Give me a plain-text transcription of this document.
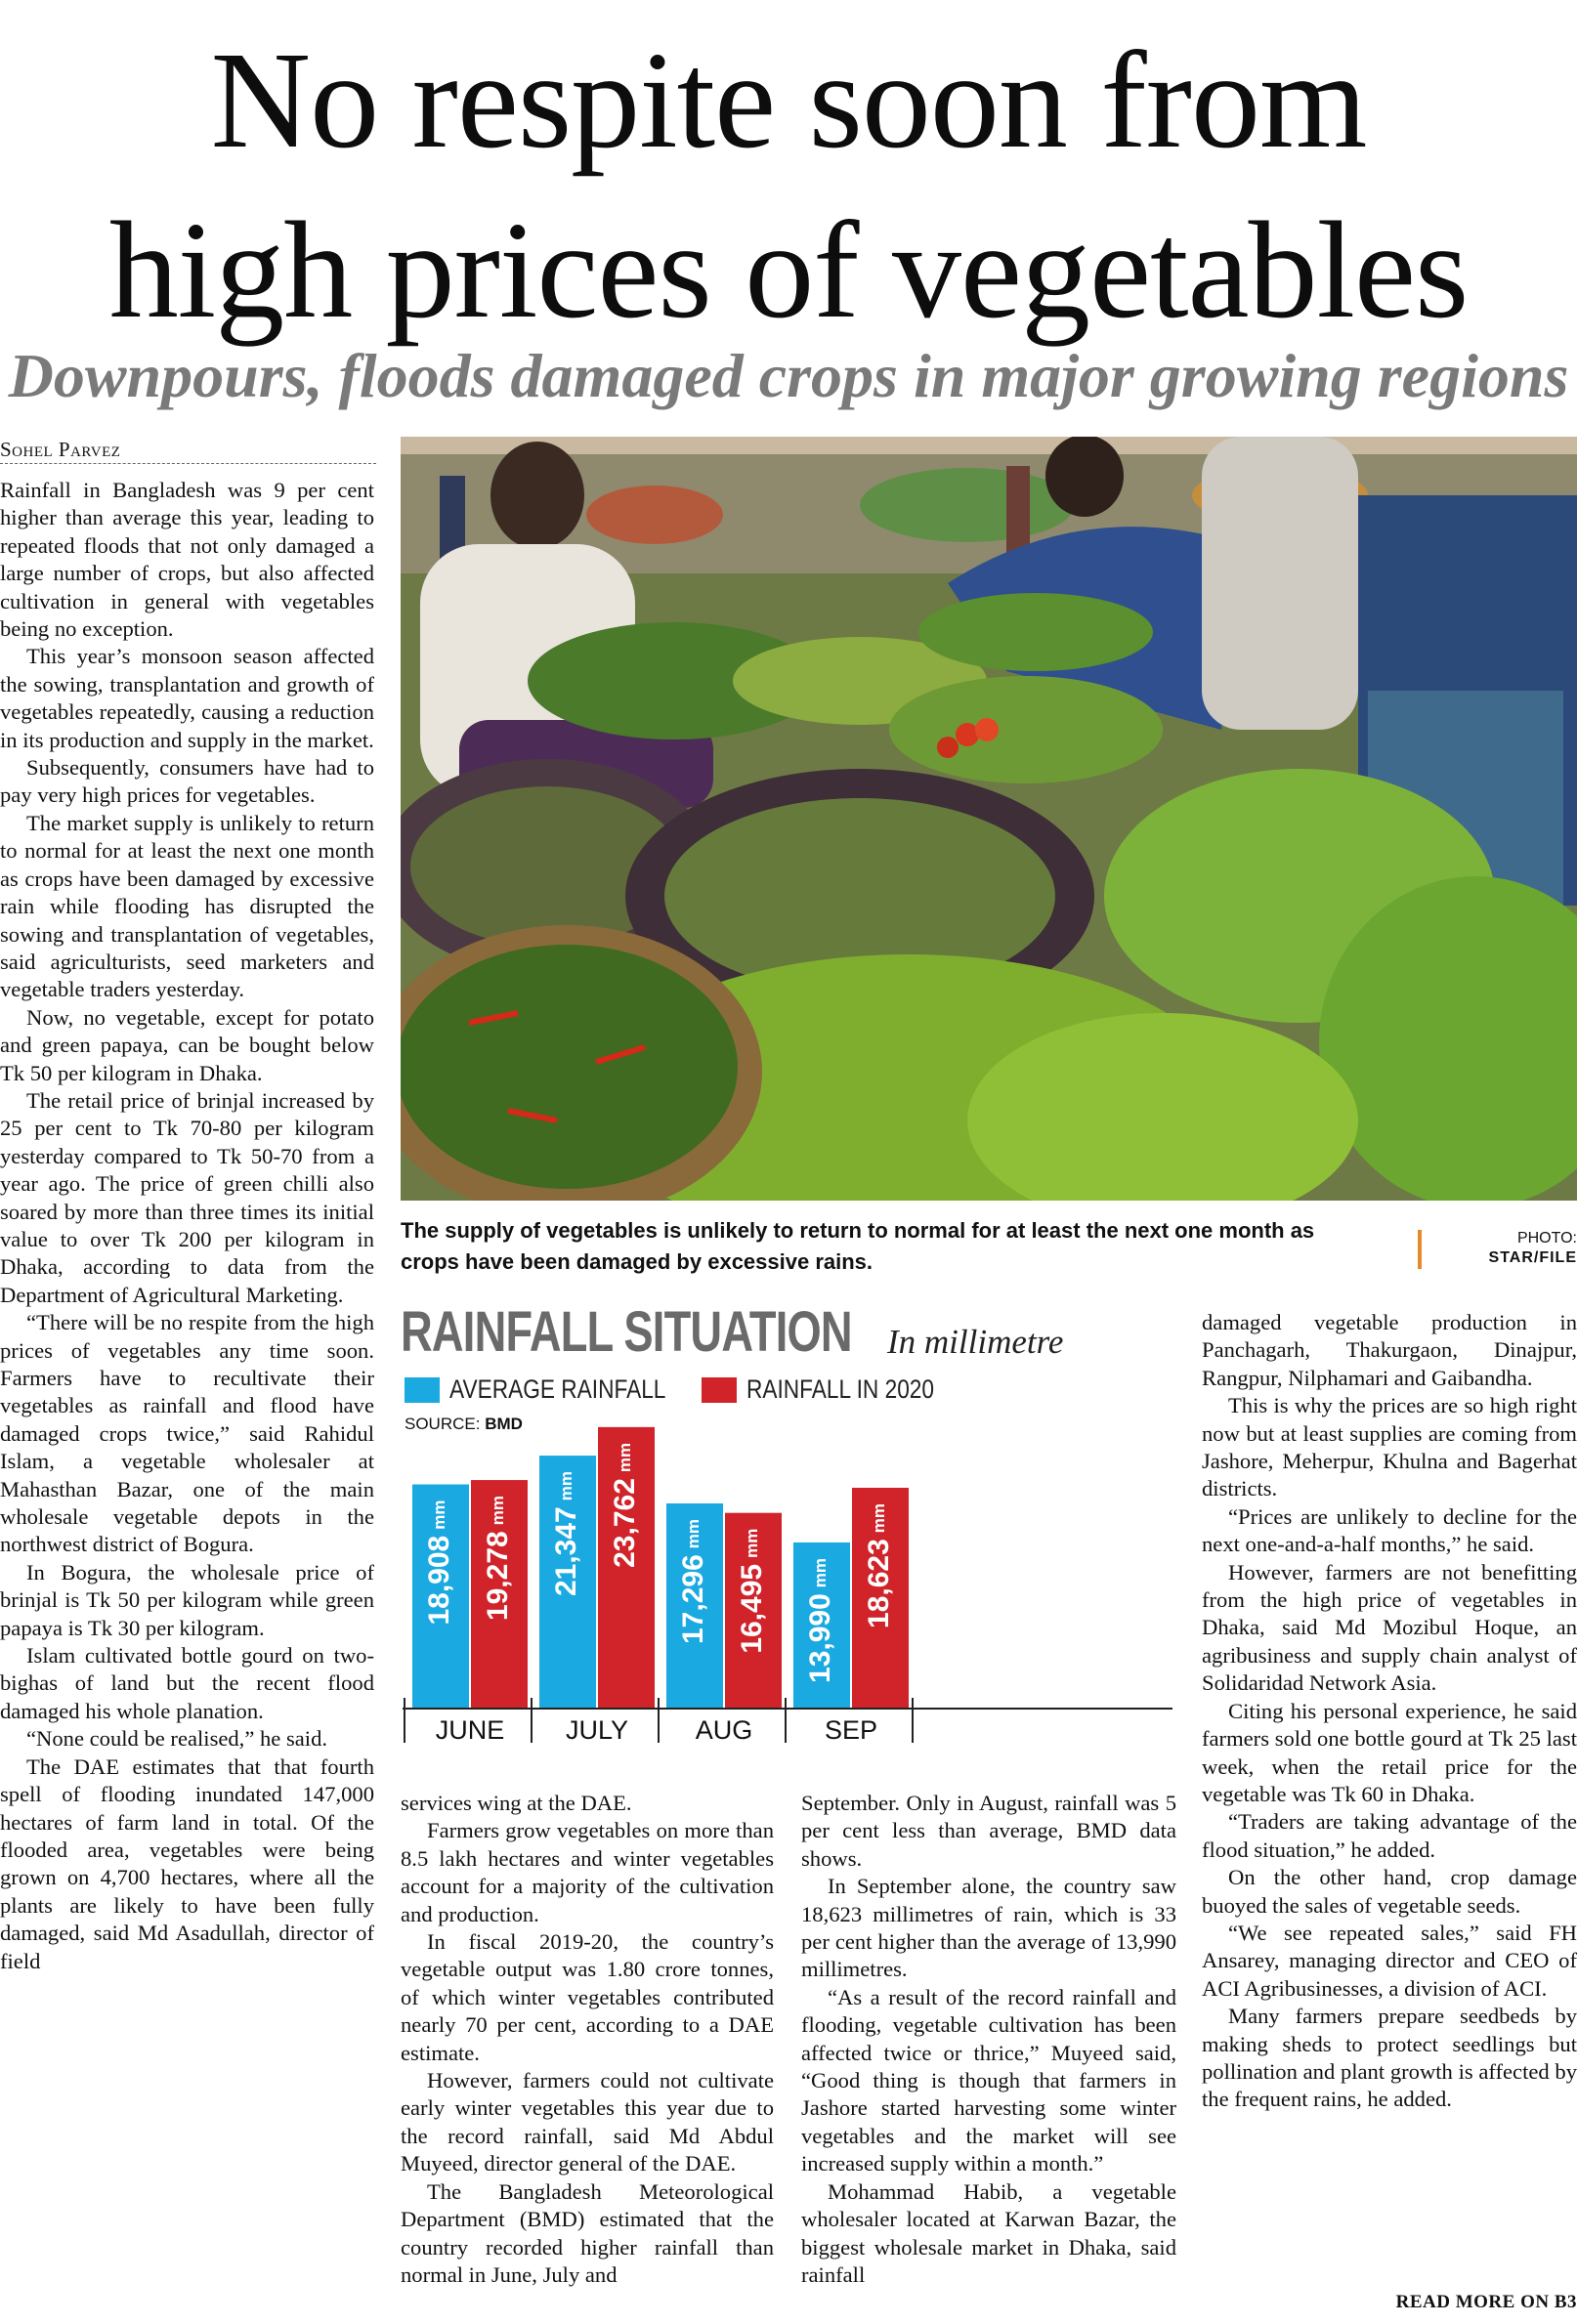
No respite soon from
high prices of vegetables
Downpours, floods damaged crops in major growing regions
Sohel Parvez

Rainfall in Bangladesh was 9 per cent higher than average this year, leading to repeated floods that not only damaged a large number of crops, but also affected cultivation in general with vegetables being no exception.

This year’s monsoon season affected the sowing, transplantation and growth of vegetables repeatedly, causing a reduction in its production and supply in the market.

Subsequently, consumers have had to pay very high prices for vegetables.

The market supply is unlikely to return to normal for at least the next one month as crops have been damaged by excessive rain while flooding has disrupted the sowing and transplantation of vegetables, said agriculturists, seed marketers and vegetable traders yesterday.

Now, no vegetable, except for potato and green papaya, can be bought below Tk 50 per kilogram in Dhaka.

The retail price of brinjal increased by 25 per cent to Tk 70-80 per kilogram yesterday compared to Tk 50-70 from a year ago. The price of green chilli also soared by more than three times its initial value to over Tk 200 per kilogram in Dhaka, according to data from the Department of Agricultural Marketing.

“There will be no respite from the high prices of vegetables any time soon. Farmers have to recultivate their vegetables as rainfall and flood have damaged crops twice,” said Rahidul Islam, a vegetable wholesaler at Mahasthan Bazar, one of the main wholesale vegetable depots in the northwest district of Bogura.

In Bogura, the wholesale price of brinjal is Tk 50 per kilogram while green papaya is Tk 30 per kilogram.

Islam cultivated bottle gourd on two-bighas of land but the recent flood damaged his whole planation.

“None could be realised,” he said.

The DAE estimates that that fourth spell of flooding inundated 147,000 hectares of farm land in total. Of the flooded area, vegetables were being grown on 4,700 hectares, where all the plants are likely to have been fully damaged, said Md Asadullah, director of field

The supply of vegetables is unlikely to return to normal for at least the next one month as crops have been damaged by excessive rains.
PHOTO:
STAR/FILE
RAINFALL SITUATION In millimetre
AVERAGE RAINFALL	RAINFALL IN 2020
SOURCE: BMD
18,908mm
19,278mm 21,347mm 23,762mm
17,296mm
16,495mm
13,990mm 18,623mm
JUNE JULY	AUG	SEP

services wing at the DAE.

Farmers grow vegetables on more than 8.5 lakh hectares and winter vegetables account for a majority of the cultivation and production.

In fiscal 2019-20, the country’s vegetable output was 1.80 crore tonnes, of which winter vegetables contributed nearly 70 per cent, according to a DAE estimate.

However, farmers could not cultivate early winter vegetables this year due to the record rainfall, said Md Abdul Muyeed, director general of the DAE.

The Bangladesh Meteorological Department (BMD) estimated that the country recorded higher rainfall than normal in June, July and

September. Only in August, rainfall was 5 per cent less than average, BMD data shows.

In September alone, the country saw 18,623 millimetres of rain, which is 33 per cent higher than the average of 13,990 millimetres.

“As a result of the record rainfall and flooding, vegetable cultivation has been affected twice or thrice,” Muyeed said, “Good thing is though that farmers in Jashore started harvesting some winter vegetables and the market will see increased supply within a month.”

Mohammad Habib, a vegetable wholesaler located at Karwan Bazar, the biggest wholesale market in Dhaka, said rainfall

damaged vegetable production in Panchagarh, Thakurgaon, Dinajpur, Rangpur, Nilphamari and Gaibandha.

This is why the prices are so high right now but at least supplies are coming from Jashore, Meherpur, Khulna and Bagerhat districts.

“Prices are unlikely to decline for the next one-and-a-half months,” he said.

However, farmers are not benefitting from the high price of vegetables in Dhaka, said Md Mozibul Hoque, an agribusiness and supply chain analyst of Solidaridad Network Asia.

Citing his personal experience, he said farmers sold one bottle gourd at Tk 25 last week, when the retail price for the vegetable was Tk 60 in Dhaka.

“Traders are taking advantage of the flood situation,” he added.

On the other hand, crop damage buoyed the sales of vegetable seeds.

“We see repeated sales,” said FH Ansarey, managing director and CEO of ACI Agribusinesses, a division of ACI.

Many farmers prepare seedbeds by making sheds to protect seedlings but pollination and plant growth is affected by the frequent rains, he added.

READ MORE ON B3
